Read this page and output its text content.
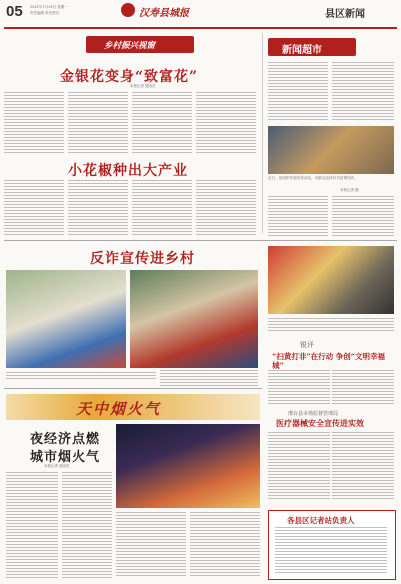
05 2021年7月19日 星期一
责任编辑 责任校对	汉寿县城报	县区新闻
乡村振兴视窗
金银花变身“致富花”
本报记者 通讯员
小花椒种出大产业
新闻超市
近日，县组织开展宣传活动，向群众宣传有关政策知识。
本报记者 摄
反诈宣传进乡村
锐评
“扫黄打非”在行动 争创“文明幸福城”
邢台县市场监督管理局
医疗器械安全宣传进实效
天中烟火气
夜经济点燃
城市烟火气
本报记者 通讯员
各县区记者站负责人
